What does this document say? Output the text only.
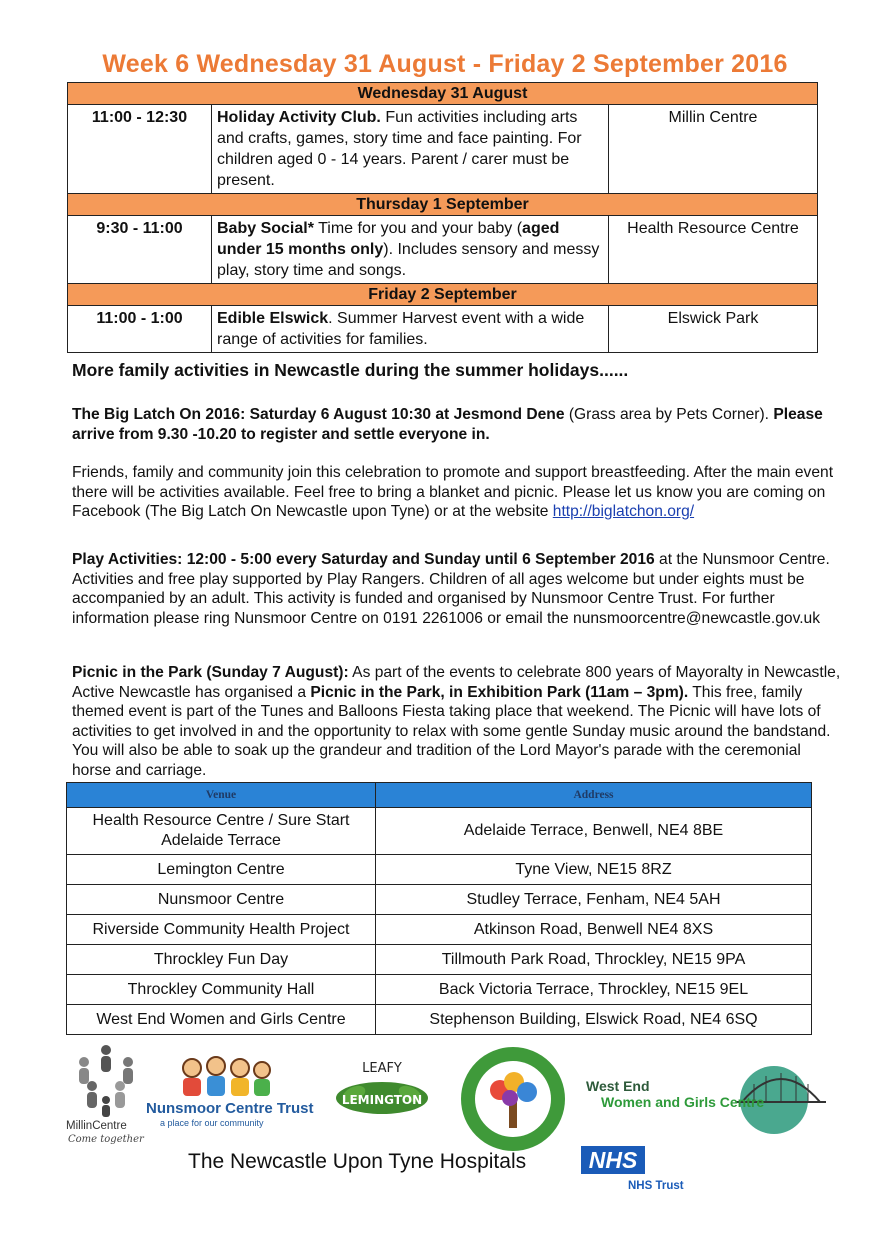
Week 6 Wednesday 31 August - Friday 2 September 2016
Wednesday 31 August		
11:00 - 12:30	Holiday Activity Club. Fun activities including arts and crafts, games, story time and face painting. For children aged 0 - 14 years. Parent / carer must be present.	Millin Centre
Thursday 1 September		
9:30 - 11:00	Baby Social* Time for you and your baby (aged under 15 months only). Includes sensory and messy play, story time and songs.	Health Resource Centre
Friday 2 September		
11:00 - 1:00	Edible Elswick. Summer Harvest event with a wide range of activities for families.	Elswick Park
More family activities in Newcastle during the summer holidays......

The Big Latch On 2016: Saturday 6 August 10:30 at Jesmond Dene (Grass area by Pets Corner). Please arrive from 9.30 -10.20 to register and settle everyone in.

Friends, family and community join this celebration to promote and support breastfeeding. After the main event there will be activities available. Feel free to bring a blanket and picnic. Please let us know you are coming on Facebook (The Big Latch On Newcastle upon Tyne) or at the website http://biglatchon.org/

Play Activities: 12:00 - 5:00 every Saturday and Sunday until 6 September 2016 at the Nunsmoor Centre. Activities and free play supported by Play Rangers. Children of all ages welcome but under eights must be accompanied by an adult. This activity is funded and organised by Nunsmoor Centre Trust. For further information please ring Nunsmoor Centre on 0191 2261006 or email the nunsmoorcentre@newcastle.gov.uk

Picnic in the Park (Sunday 7 August): As part of the events to celebrate 800 years of Mayoralty in Newcastle, Active Newcastle has organised a Picnic in the Park, in Exhibition Park (11am – 3pm). This free, family themed event is part of the Tunes and Balloons Fiesta taking place that weekend. The Picnic will have lots of activities to get involved in and the opportunity to relax with some gentle Sunday music around the bandstand. You will also be able to soak up the grandeur and tradition of the Lord Mayor's parade with the ceremonial horse and carriage.

Venue	Address
Health Resource Centre / Sure Start Adelaide Terrace	Adelaide Terrace, Benwell, NE4 8BE
Lemington Centre	Tyne View, NE15 8RZ
Nunsmoor Centre	Studley Terrace, Fenham, NE4 5AH
Riverside Community Health Project	Atkinson Road, Benwell NE4 8XS
Throckley Fun Day	Tillmouth Park Road, Throckley, NE15 9PA
Throckley Community Hall	Back Victoria Terrace, Throckley, NE15 9EL
West End Women and Girls Centre	Stephenson Building, Elswick Road, NE4 6SQ
MillinCentre
Come together
Nunsmoor Centre Trust
a place for our community
LEAFY
LEMINGTON
West End
Women and Girls Centre
The Newcastle Upon Tyne Hospitals	NHS
NHS Trust
